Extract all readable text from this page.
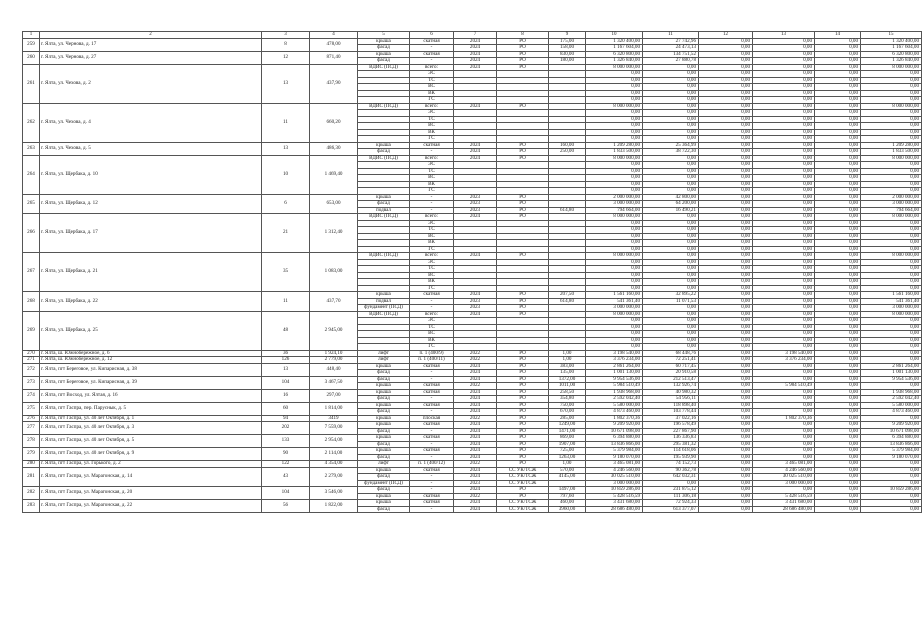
1	2	3	4	5	6	7	8	9	10	11	12	13	14	15
259	г. Ялта, ул. Чернова, д. 17	8	478,00	крыша	скатная	2024	РО	175,00	1 320 400,00	27 742,96	0,00	0,00	0,00	1 320 400,00
				фасад	-	2024	РО	158,00	1 167 604,00	24 473,13	0,00	0,00	0,00	1 167 604,00
260	г. Ялта, ул. Чернова, д. 27	12	871,40	крыша	скатная	2024	РО	830,00	6 320 800,00	134 751,52	0,00	0,00	0,00	6 320 800,00
				фасад	-	2024	РО	180,00	1 326 840,00	27 880,78	0,00	0,00	0,00	1 326 840,00
261	г. Ялта, ул. Чехова, д. 2	13	437,90	ВДИС (ПСД)	всего:	2024	РО		8 000 000,00	0,00	0,00	0,00	0,00	8 000 000,00
					ЭС				0,00	0,00	0,00	0,00	0,00	0,00
					ТС				0,00	0,00	0,00	0,00	0,00	0,00
					ВС				0,00	0,00	0,00	0,00	0,00	0,00
					ВК				0,00	0,00	0,00	0,00	0,00	0,00
					ГС				0,00	0,00	0,00	0,00	0,00	0,00
262	г. Ялта, ул. Чехова, д. 4	11	660,20	ВДИС (ПСД)	всего:	2024	РО		8 000 000,00	0,00	0,00	0,00	0,00	8 000 000,00
					ЭС				0,00	0,00	0,00	0,00	0,00	0,00
					ТС				0,00	0,00	0,00	0,00	0,00	0,00
					ВС				0,00	0,00	0,00	0,00	0,00	0,00
					ВК				0,00	0,00	0,00	0,00	0,00	0,00
					ГС				0,00	0,00	0,00	0,00	0,00	0,00
263	г. Ялта, ул. Чехова, д. 5	13	486,30	крыша	скатная	2024	РО	160,00	1 209 280,00	25 364,99	0,00	0,00	0,00	1 209 280,00
				фасад	-	2024	РО	250,00	1 833 500,00	38 722,30	0,00	0,00	0,00	1 833 500,00
264	г. Ялта, ул. Щербака, д. 10	10	1 469,40	ВДИС (ПСД)	всего:	2024	РО		8 000 000,00	0,00	0,00	0,00	0,00	8 000 000,00
					ЭС				0,00	0,00	0,00	0,00	0,00	0,00
					ТС				0,00	0,00	0,00	0,00	0,00	0,00
					ВС				0,00	0,00	0,00	0,00	0,00	0,00
					ВК				0,00	0,00	0,00	0,00	0,00	0,00
					ГС				0,00	0,00	0,00	0,00	0,00	0,00
265	г. Ялта, ул. Щербака, д. 12	6	653,00	крыша	-	2023	РО		2 000 000,00	42 800,00	0,00	0,00	0,00	2 000 000,00
				фасад	-	2023	РО		3 000 000,00	64 200,00	0,00	0,00	0,00	3 000 000,00
				подвал	-	2023	РО	614,80	794 664,00	16 490,21	0,00	0,00	0,00	794 664,00
266	г. Ялта, ул. Щербака, д. 17	21	1 312,40	ВДИС (ПСД)	всего:	2024	РО		8 000 000,00	0,00	0,00	0,00	0,00	8 000 000,00
					ЭС				0,00	0,00	0,00	0,00	0,00	0,00
					ТС				0,00	0,00	0,00	0,00	0,00	0,00
					ВС				0,00	0,00	0,00	0,00	0,00	0,00
					ВК				0,00	0,00	0,00	0,00	0,00	0,00
					ГС				0,00	0,00	0,00	0,00	0,00	0,00
267	г. Ялта, ул. Щербака, д. 21	35	1 083,00	ВДИС (ПСД)	всего:	2024	РО		8 000 000,00	0,00	0,00	0,00	0,00	8 000 000,00
					ЭС				0,00	0,00	0,00	0,00	0,00	0,00
					ТС				0,00	0,00	0,00	0,00	0,00	0,00
					ВС				0,00	0,00	0,00	0,00	0,00	0,00
					ВК				0,00	0,00	0,00	0,00	0,00	0,00
					ГС				0,00	0,00	0,00	0,00	0,00	0,00
268	г. Ялта, ул. Щербака, д. 22	11	437,70	крыша	скатная	2024	РО	207,50	1 561 160,00	32 895,22	0,00	0,00	0,00	1 561 160,00
				подвал	-	2023	РО	614,80	541 361,40	11 071,53	0,00	0,00	0,00	541 361,40
				фундамент (ПСД)	-	2023	РО		3 000 000,00	0,00	0,00	0,00	0,00	3 000 000,00
269	г. Ялта, ул. Щербака, д. 25	48	2 945,00	ВДИС (ПСД)	всего:	2024	РО		8 000 000,00	0,00	0,00	0,00	0,00	8 000 000,00
					ЭС				0,00	0,00	0,00	0,00	0,00	0,00
					ТС				0,00	0,00	0,00	0,00	0,00	0,00
					ВС				0,00	0,00	0,00	0,00	0,00	0,00
					ВК				0,00	0,00	0,00	0,00	0,00	0,00
					ГС				0,00	0,00	0,00	0,00	0,00	0,00
270	г. Ялта, ш. Южнобережное, д. 6	36	1 924,10	лифт	п. 1 (400/9)	2022	РО	1,00	3 198 540,00	68 448,76	0,00	3 198 540,00	0,00	0,00
271	г. Ялта, ш. Южнобережное, д. 12	126	2 779,00	лифт	п. 1 (400/11)	2022	РО	1,00	3 376 234,00	72 251,41	0,00	3 376 234,00	0,00	0,00
272	г. Ялта, пгт Береговое, ул. Кипарисная, д. 38	13	448,40	крыша	скатная	2024	РО	383,00	2 861 264,00	60 717,45	0,00	0,00	0,00	2 861 264,00
				фасад	-	2024	РО	135,00	1 001 130,00	20 910,58	0,00	0,00	0,00	1 001 130,00
273	г. Ялта, пгт Береговое, ул. Кипарисная, д. 39	104	3 467,50	фасад	-	2024	РО	1372,00	9 954 536,00	212 513,47	0,00	0,00	0,00	9 954 536,00
				крыша	скатная	2022	РО	1011,00	5 984 510,49	132 926,74	0,00	5 984 510,49	0,00	0,00
274	г. Ялта, пгт Восход, ул. Ялтая, д. 16	16	297,00	крыша	скатная	2024	РО	258,50	1 938 968,00	40 980,32	0,00	0,00	0,00	1 938 968,00
				фасад	-	2024	РО	354,80	2 592 042,40	54 956,11	0,00	0,00	0,00	2 592 042,40
275	г. Ялта, пгт Гаспра, пер. Паруснык, д. 5	60	1 814,00	крыша	скатная	2024	РО	750,00	5 580 000,00	118 898,40	0,00	0,00	0,00	5 580 000,00
				фасад	-	2024	РО	670,00	4 873 460,00	103 778,44	0,00	0,00	0,00	4 873 460,00
276	г. Ялта, пгт Гаспра, ул. 40 лет Октября, д. 1	94	3419	крыша	плоская	2022	РО	285,00	1 802 370,36	37 022,16	0,00	1 802 370,36	0,00	0,00
277	г. Ялта, пгт Гаспра, ул. 40 лет Октября, д. 3	202	7 559,00	крыша	скатная	2024	РО	1249,00	9 209 920,00	196 578,49	0,00	0,00	0,00	9 209 920,00
				фасад	-	2024	РО	1471,00	10 671 098,00	227 867,90	0,00	0,00	0,00	10 671 098,00
278	г. Ялта, пгт Гаспра, ул. 40 лет Октября, д. 5	133	2 954,00	крыша	скатная	2024	РО	869,00	6 394 880,00	136 336,83	0,00	0,00	0,00	6 394 880,00
				фасад	-	2024	РО	1907,00	13 836 866,00	295 381,32	0,00	0,00	0,00	13 836 866,00
279	г. Ялта, пгт Гаспра, ул. 40 лет Октября, д. 9	90	2 114,00	крыша	скатная	2024	РО	725,00	5 379 984,00	114 618,06	0,00	0,00	0,00	5 379 984,00
				фасад	-	2024	РО	1263,00	9 180 070,00	195 939,90	0,00	0,00	0,00	9 180 070,00
280	г. Ялта, пгт Гаспра, ул. Горького, д. 2	122	4 354,00	лифт	п. 1 (400/12)	2022	РО	1,00	3 465 081,00	74 152,73	0,00	3 465 081,00	0,00	0,00
281	г. Ялта, пгт Гаспра, ул. Марагонская, д. 14	43	2 279,00	крыша	скатная	2024	СС УК/ТСЖ	570,00	4 246 560,00	90 362,78	0,00	4 246 560,00	0,00	0,00
				фасад	-	2024	СС УК/ТСЖ	4145,00	30 025 510,00	642 032,31	0,00	30 025 510,00	0,00	0,00
				фундамент (ПСД)	-	2023	СС УК/ТСЖ		3 000 000,00	0,00	0,00	3 000 000,00	0,00	0,00
282	г. Ялта, пгт Гаспра, ул. Марагонская, д. 20	104	3 546,00	фасад	-	2024	РО	1497,00	10 859 286,00	231 875,12	0,00	0,00	0,00	10 859 286,00
				крыша	скатная	2022	РО	797,60	5 428 516,59	111 306,18	0,00	5 428 516,59	0,00	0,00
283	г. Ялта, пгт Гаспра, ул. Марагонская, д. 22	56	1 822,00	крыша	скатная	2024	СС УК/ТСЖ	460,00	3 431 680,00	72 924,33	0,00	3 431 680,00	0,00	0,00
				фасад	-	2024	СС УК/ТСЖ	3960,00	28 686 480,00	613 377,07	0,00	28 686 480,00	0,00	0,00
